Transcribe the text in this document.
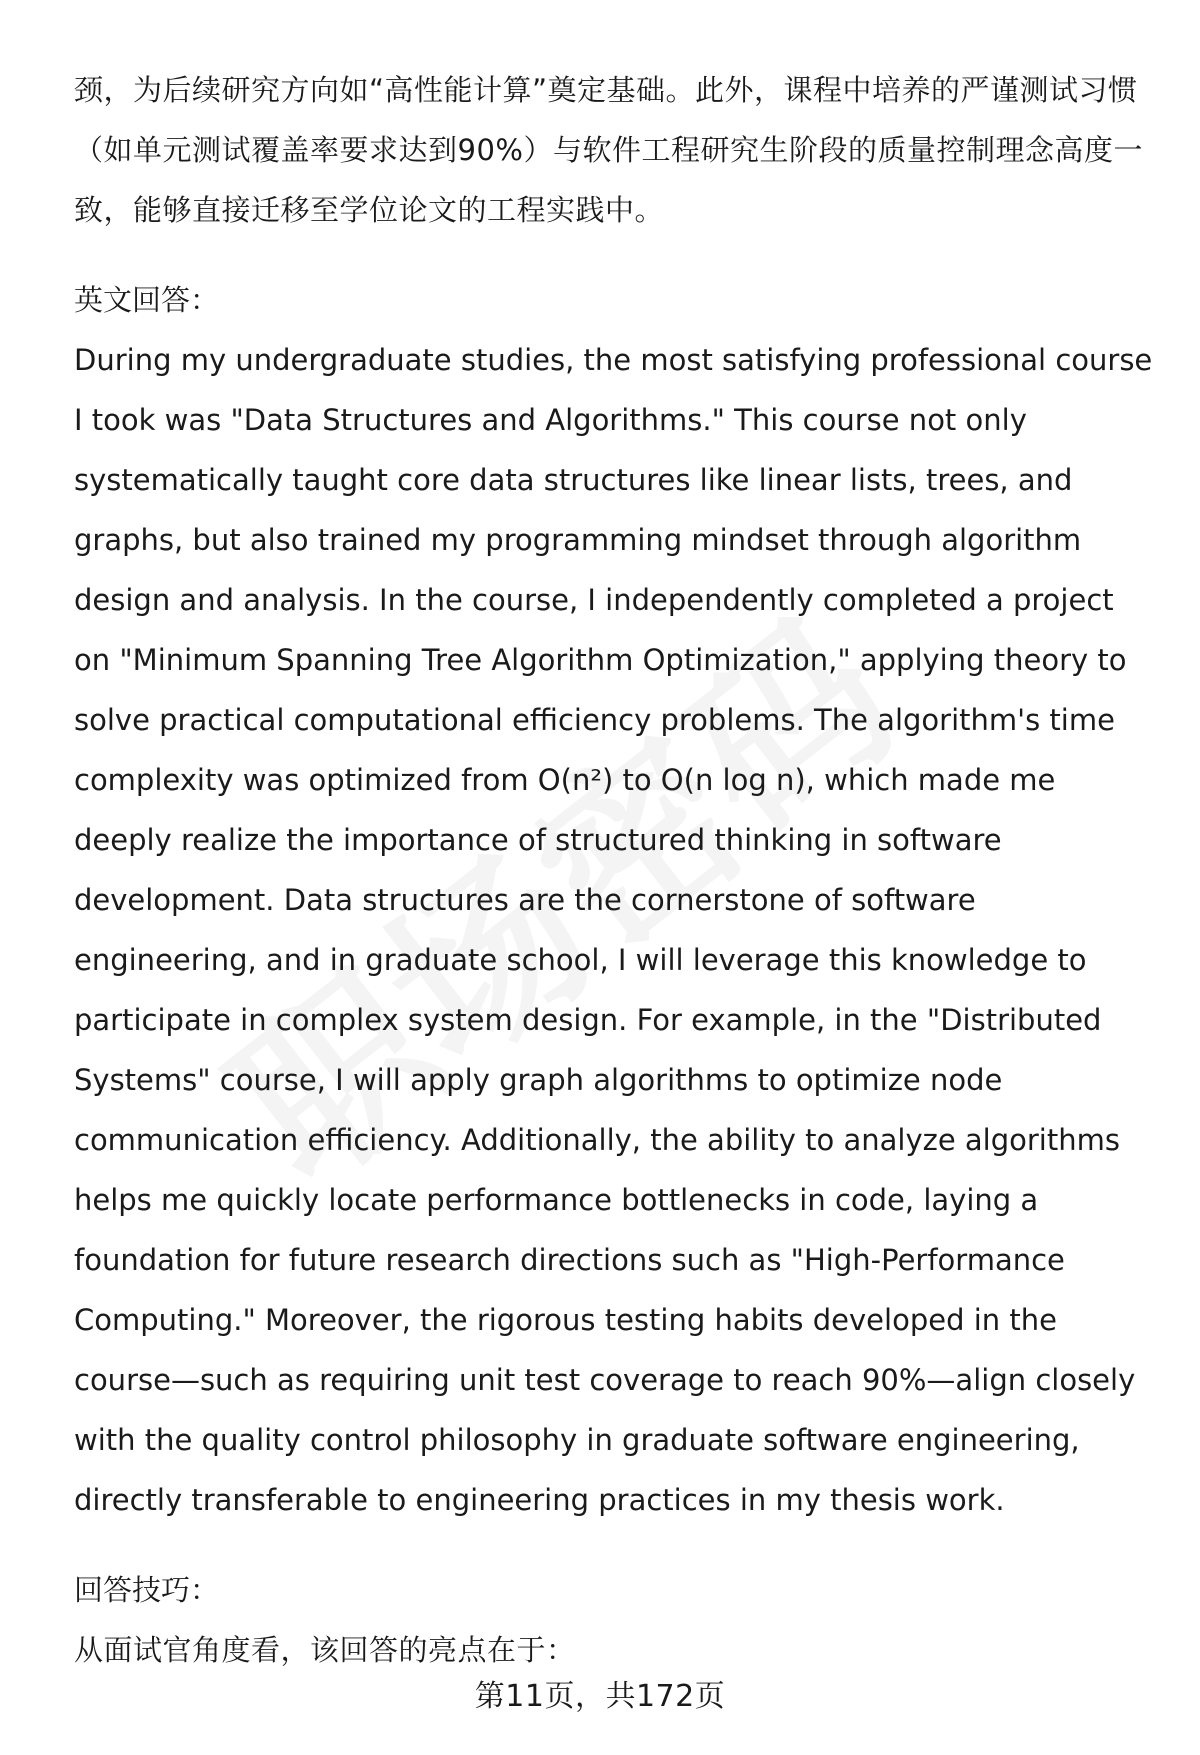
颈，为后续研究方向如“高性能计算”奠定基础。此外，课程中培养的严谨测试习惯（如单元测试覆盖率要求达到90%）与软件工程研究生阶段的质量控制理念高度一致，能够直接迁移至学位论文的工程实践中。

英文回答：

During my undergraduate studies, the most satisfying professional course I took was "Data Structures and Algorithms." This course not only systematically taught core data structures like linear lists, trees, and graphs, but also trained my programming mindset through algorithm design and analysis. In the course, I independently completed a project on "Minimum Spanning Tree Algorithm Optimization," applying theory to solve practical computational efficiency problems. The algorithm's time complexity was optimized from O(n²) to O(n log n), which made me deeply realize the importance of structured thinking in software development. Data structures are the cornerstone of software engineering, and in graduate school, I will leverage this knowledge to participate in complex system design. For example, in the "Distributed Systems" course, I will apply graph algorithms to optimize node communication efficiency. Additionally, the ability to analyze algorithms helps me quickly locate performance bottlenecks in code, laying a foundation for future research directions such as "High-Performance Computing." Moreover, the rigorous testing habits developed in the course—such as requiring unit test coverage to reach 90%—align closely with the quality control philosophy in graduate software engineering, directly transferable to engineering practices in my thesis work.

回答技巧：

从面试官角度看，该回答的亮点在于：

第11页，共172页
